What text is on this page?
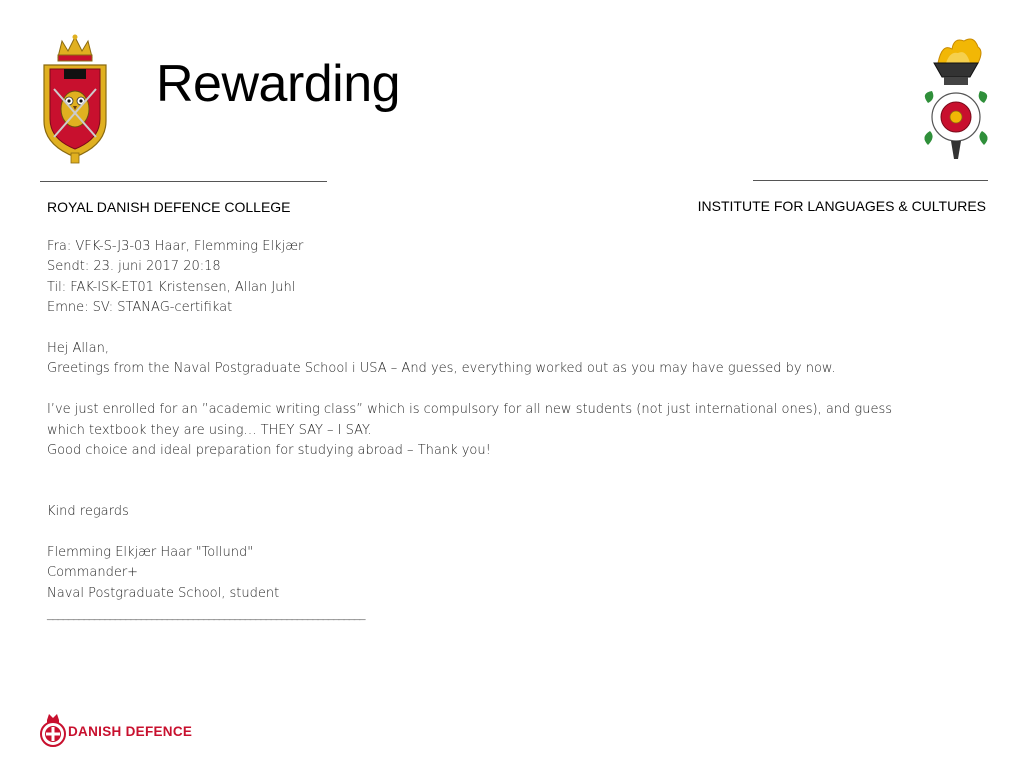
Rewarding
ROYAL DANISH DEFENCE COLLEGE	INSTITUTE FOR LANGUAGES & CULTURES
Fra: VFK-S-J3-03 Haar, Flemming Elkjær
Sendt: 23. juni 2017 20:18
Til: FAK-ISK-ET01 Kristensen, Allan Juhl
Emne: SV: STANAG-certifikat
Hej Allan,
Greetings from the Naval Postgraduate School i USA – And yes, everything worked out as you may have guessed by now.
I’ve just enrolled for an ”academic writing class” which is compulsory for all new students (not just international ones), and guess
which textbook they are using… THEY SAY – I SAY.
Good choice and ideal preparation for studying abroad – Thank you!
Kind regards
Flemming Elkjær Haar "Tollund"
Commander+
Naval Postgraduate School, student
_____________________________________________________________
DANISH DEFENCE
